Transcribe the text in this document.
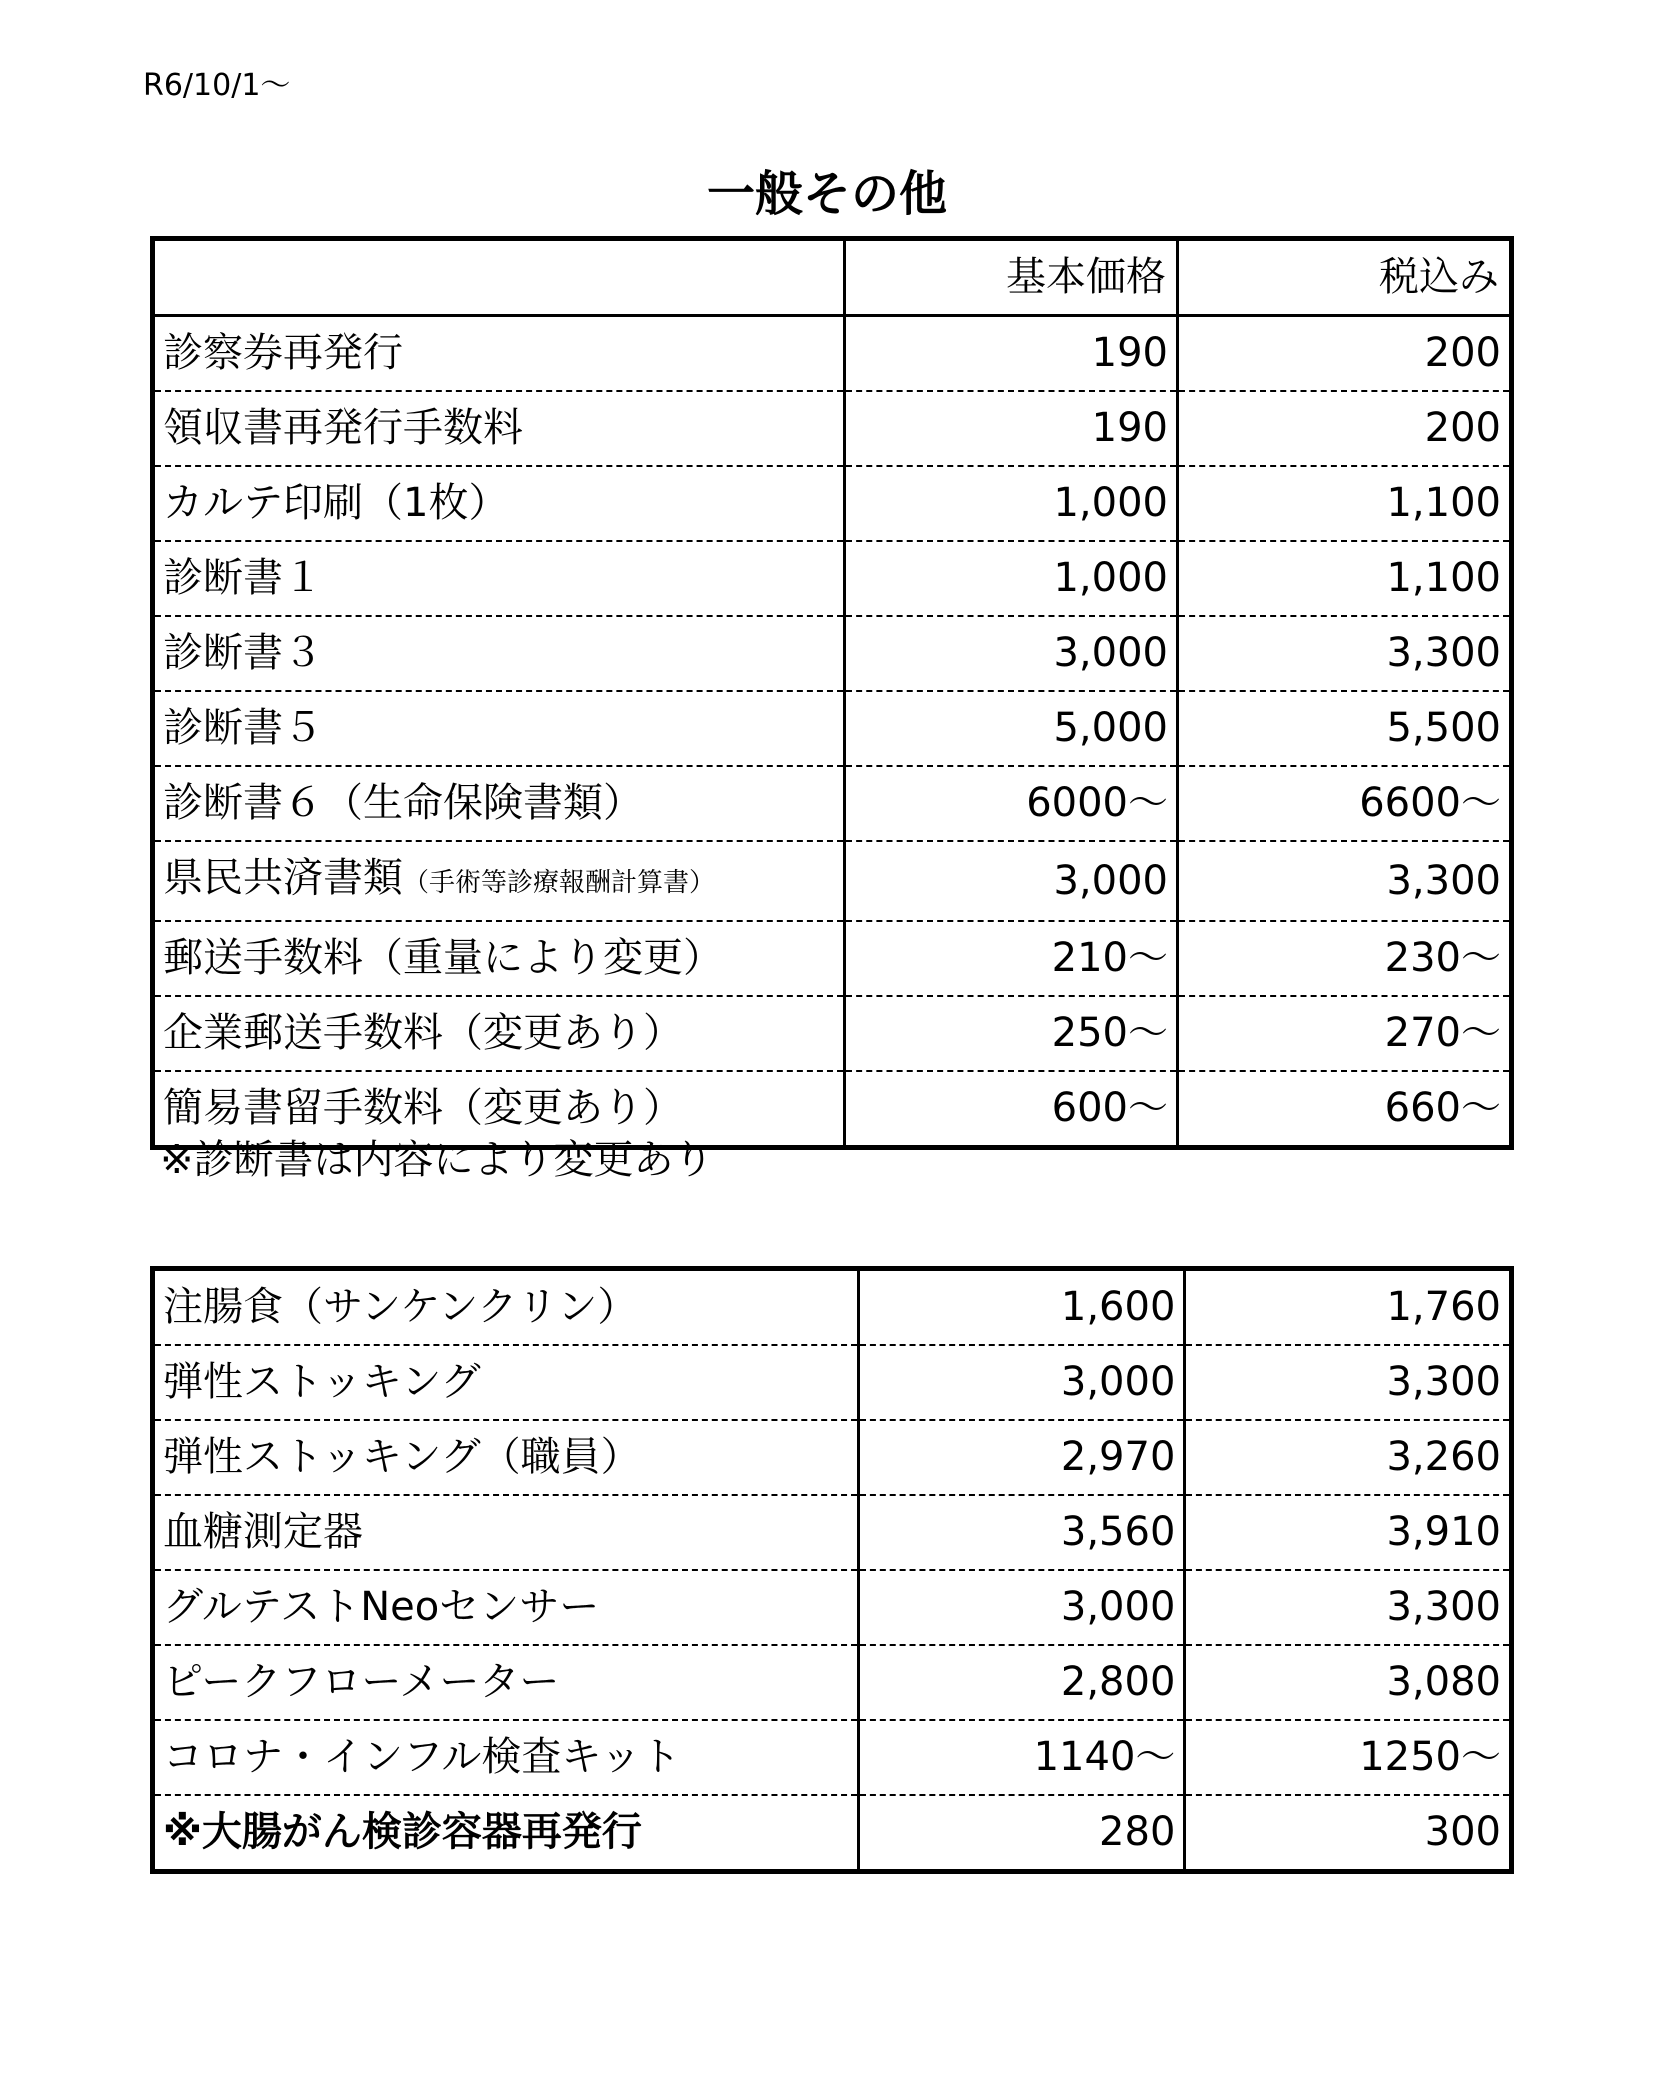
R6/10/1～
一般その他
	基本価格	税込み
診察券再発行	190	200
領収書再発行手数料	190	200
カルテ印刷（1枚）	1,000	1,100
診断書１	1,000	1,100
診断書３	3,000	3,300
診断書５	5,000	5,500
診断書６（生命保険書類）	6000～	6600～
県民共済書類（手術等診療報酬計算書）	3,000	3,300
郵送手数料（重量により変更）	210～	230～
企業郵送手数料（変更あり）	250～	270～
簡易書留手数料（変更あり）	600～	660～
※診断書は内容により変更あり
注腸食（サンケンクリン）	1,600	1,760
弾性ストッキング	3,000	3,300
弾性ストッキング（職員）	2,970	3,260
血糖測定器	3,560	3,910
グルテストNeoセンサー	3,000	3,300
ピークフローメーター	2,800	3,080
コロナ・インフル検査キット	1140～	1250～
※大腸がん検診容器再発行	280	300
